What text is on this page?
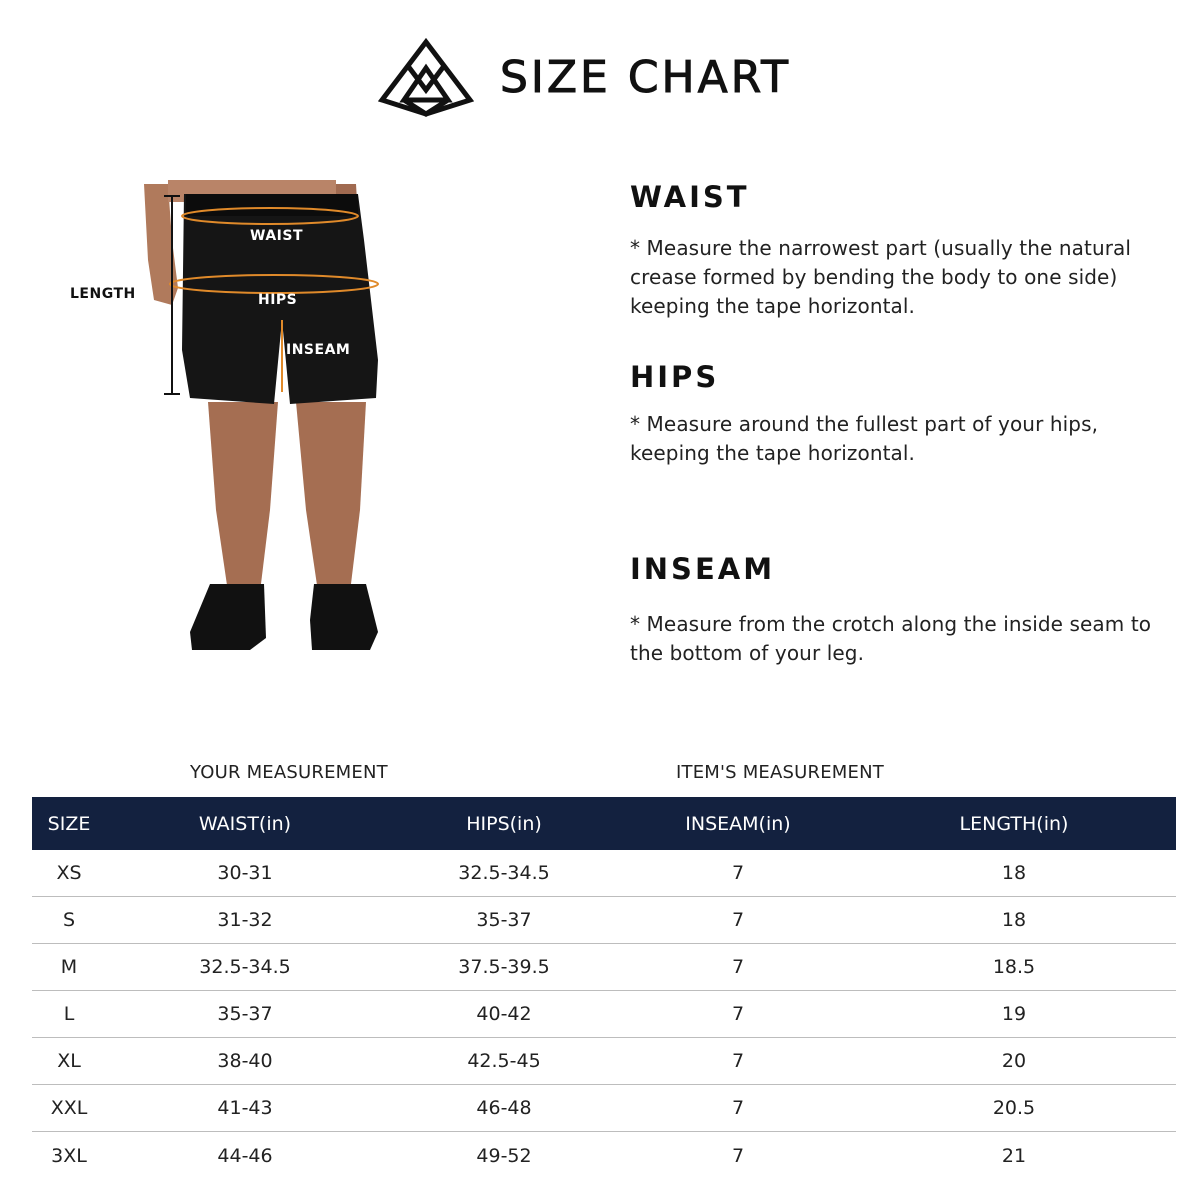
SIZE CHART
WAIST
HIPS
INSEAM
LENGTH
WAIST
* Measure the narrowest part (usually the natural crease formed by bending the body to one side) keeping the tape horizontal.
HIPS
* Measure around the fullest part of your hips, keeping the tape horizontal.
INSEAM
* Measure from the crotch along the inside seam to the bottom of your leg.
YOUR MEASUREMENT	ITEM'S MEASUREMENT
SIZE	WAIST(in)	HIPS(in)	INSEAM(in)	LENGTH(in)
XS	30-31	32.5-34.5	7	18
S	31-32	35-37	7	18
M	32.5-34.5	37.5-39.5	7	18.5
L	35-37	40-42	7	19
XL	38-40	42.5-45	7	20
XXL	41-43	46-48	7	20.5
3XL	44-46	49-52	7	21
